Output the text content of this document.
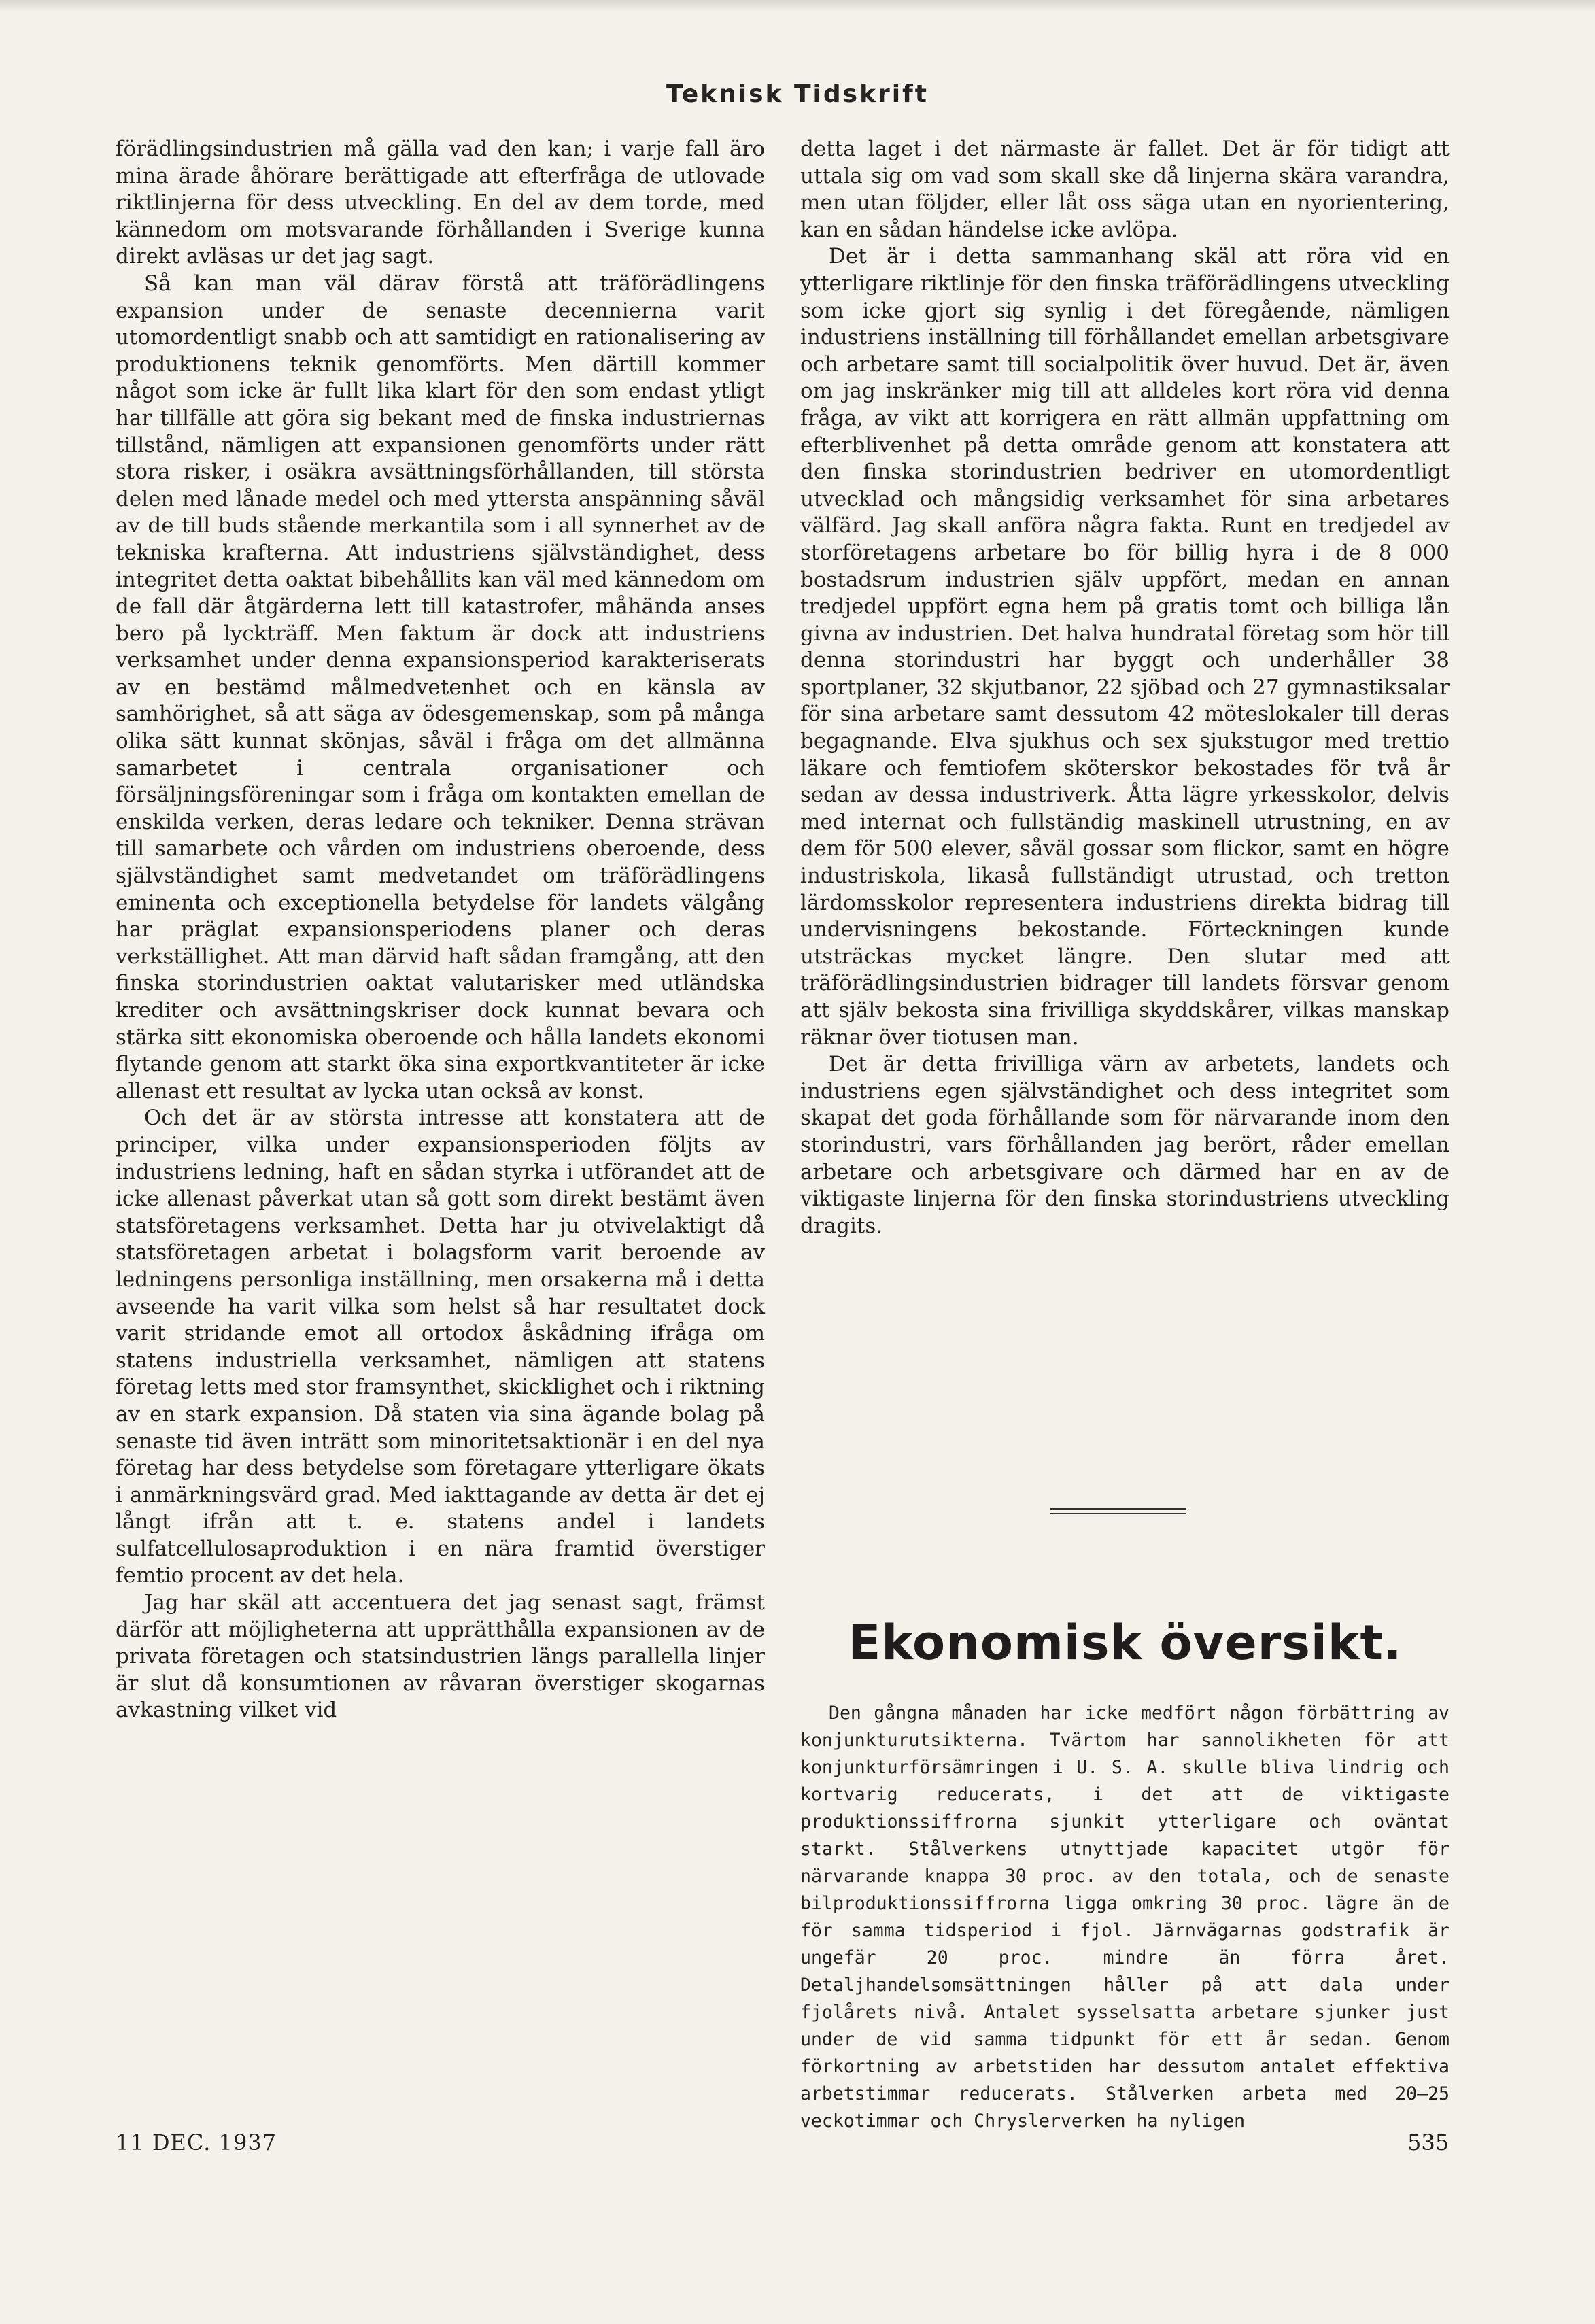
Teknisk Tidskrift

förädlingsindustrien må gälla vad den kan; i varje fall äro mina ärade åhörare berättigade att efterfråga de utlovade riktlinjerna för dess utveckling. En del av dem torde, med kännedom om motsvarande förhållanden i Sverige kunna direkt avläsas ur det jag sagt.

Så kan man väl därav förstå att träförädlingens expansion under de senaste decennierna varit utomordentligt snabb och att samtidigt en rationalisering av produktionens teknik genomförts. Men därtill kommer något som icke är fullt lika klart för den som endast ytligt har tillfälle att göra sig bekant med de finska industriernas tillstånd, nämligen att expansionen genomförts under rätt stora risker, i osäkra avsättningsförhållanden, till största delen med lånade medel och med yttersta anspänning såväl av de till buds stående merkantila som i all synnerhet av de tekniska krafterna. Att industriens självständighet, dess integritet detta oaktat bibehållits kan väl med kännedom om de fall där åtgärderna lett till katastrofer, måhända anses bero på lyckträff. Men faktum är dock att industriens verksamhet under denna expansionsperiod karakteriserats av en bestämd målmedvetenhet och en känsla av samhörighet, så att säga av ödesgemenskap, som på många olika sätt kunnat skönjas, såväl i fråga om det allmänna samarbetet i centrala organisationer och försäljningsföreningar som i fråga om kontakten emellan de enskilda verken, deras ledare och tekniker. Denna strävan till samarbete och vården om industriens oberoende, dess självständighet samt medvetandet om träförädlingens eminenta och exceptionella betydelse för landets välgång har präglat expansionsperiodens planer och deras verkställighet. Att man därvid haft sådan framgång, att den finska storindustrien oaktat valutarisker med utländska krediter och avsättningskriser dock kunnat bevara och stärka sitt ekonomiska oberoende och hålla landets ekonomi flytande genom att starkt öka sina exportkvantiteter är icke allenast ett resultat av lycka utan också av konst.

Och det är av största intresse att konstatera att de principer, vilka under expansionsperioden följts av industriens ledning, haft en sådan styrka i utförandet att de icke allenast påverkat utan så gott som direkt bestämt även statsföretagens verksamhet. Detta har ju otvivelaktigt då statsföretagen arbetat i bolagsform varit beroende av ledningens personliga inställning, men orsakerna må i detta avseende ha varit vilka som helst så har resultatet dock varit stridande emot all ortodox åskådning ifråga om statens industriella verksamhet, nämligen att statens företag letts med stor framsynthet, skicklighet och i riktning av en stark expansion. Då staten via sina ägande bolag på senaste tid även inträtt som minoritetsaktionär i en del nya företag har dess betydelse som företagare ytterligare ökats i anmärkningsvärd grad. Med iakttagande av detta är det ej långt ifrån att t. e. statens andel i landets sulfatcellulosaproduktion i en nära framtid överstiger femtio procent av det hela.

Jag har skäl att accentuera det jag senast sagt, främst därför att möjligheterna att upprätthålla expansionen av de privata företagen och statsindustrien längs parallella linjer är slut då konsumtionen av råvaran överstiger skogarnas avkastning vilket vid

detta laget i det närmaste är fallet. Det är för tidigt att uttala sig om vad som skall ske då linjerna skära varandra, men utan följder, eller låt oss säga utan en nyorientering, kan en sådan händelse icke avlöpa.

Det är i detta sammanhang skäl att röra vid en ytterligare riktlinje för den finska träförädlingens utveckling som icke gjort sig synlig i det föregående, nämligen industriens inställning till förhållandet emellan arbetsgivare och arbetare samt till socialpolitik över huvud. Det är, även om jag inskränker mig till att alldeles kort röra vid denna fråga, av vikt att korrigera en rätt allmän uppfattning om efterblivenhet på detta område genom att konstatera att den finska storindustrien bedriver en utomordentligt utvecklad och mångsidig verksamhet för sina arbetares välfärd. Jag skall anföra några fakta. Runt en tredjedel av storföretagens arbetare bo för billig hyra i de 8 000 bostadsrum industrien själv uppfört, medan en annan tredjedel uppfört egna hem på gratis tomt och billiga lån givna av industrien. Det halva hundratal företag som hör till denna storindustri har byggt och underhåller 38 sportplaner, 32 skjutbanor, 22 sjöbad och 27 gymnastiksalar för sina arbetare samt dessutom 42 möteslokaler till deras begagnande. Elva sjukhus och sex sjukstugor med trettio läkare och femtiofem sköterskor bekostades för två år sedan av dessa industriverk. Åtta lägre yrkesskolor, delvis med internat och fullständig maskinell utrustning, en av dem för 500 elever, såväl gossar som flickor, samt en högre industriskola, likaså fullständigt utrustad, och tretton lärdomsskolor representera industriens direkta bidrag till undervisningens bekostande. Förteckningen kunde utsträckas mycket längre. Den slutar med att träförädlingsindustrien bidrager till landets försvar genom att själv bekosta sina frivilliga skyddskårer, vilkas manskap räknar över tiotusen man.

Det är detta frivilliga värn av arbetets, landets och industriens egen självständighet och dess integritet som skapat det goda förhållande som för närvarande inom den storindustri, vars förhållanden jag berört, råder emellan arbetare och arbetsgivare och därmed har en av de viktigaste linjerna för den finska storindustriens utveckling dragits.

Ekonomisk översikt.
Den gångna månaden har icke medfört någon förbättring av konjunkturutsikterna. Tvärtom har sannolikheten för att konjunkturförsämringen i U. S. A. skulle bliva lindrig och kortvarig reducerats, i det att de viktigaste produktionssiffrorna sjunkit ytterligare och oväntat starkt. Stålverkens utnyttjade kapacitet utgör för närvarande knappa 30 proc. av den totala, och de senaste bilproduktionssiffrorna ligga omkring 30 proc. lägre än de för samma tidsperiod i fjol. Järnvägarnas godstrafik är ungefär 20 proc. mindre än förra året. Detaljhandelsomsättningen håller på att dala under fjolårets nivå. Antalet sysselsatta arbetare sjunker just under de vid samma tidpunkt för ett år sedan. Genom förkortning av arbetstiden har dessutom antalet effektiva arbetstimmar reducerats. Stålverken arbeta med 20—25 veckotimmar och Chryslerverken ha nyligen
11 DEC. 1937	535
